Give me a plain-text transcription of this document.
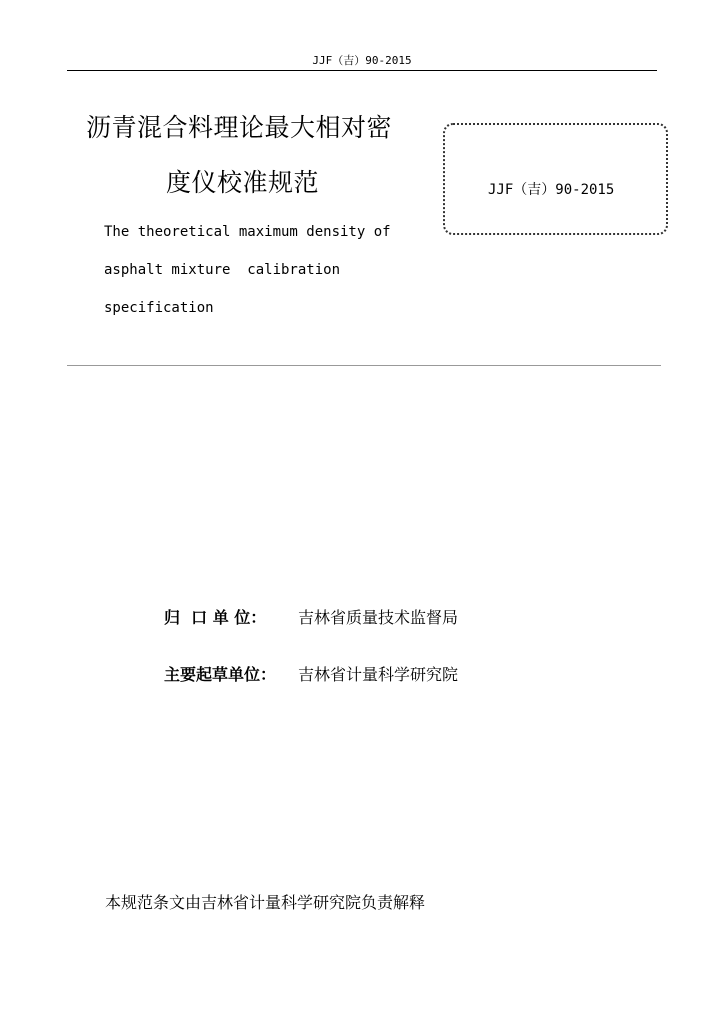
JJF（吉）90-2015
沥青混合料理论最大相对密
度仪校准规范
The theoretical maximum density of
asphalt mixture  calibration
specification
JJF（吉）90-2015
归  口 单 位： 吉林省质量技术监督局
主要起草单位： 吉林省计量科学研究院
本规范条文由吉林省计量科学研究院负责解释
